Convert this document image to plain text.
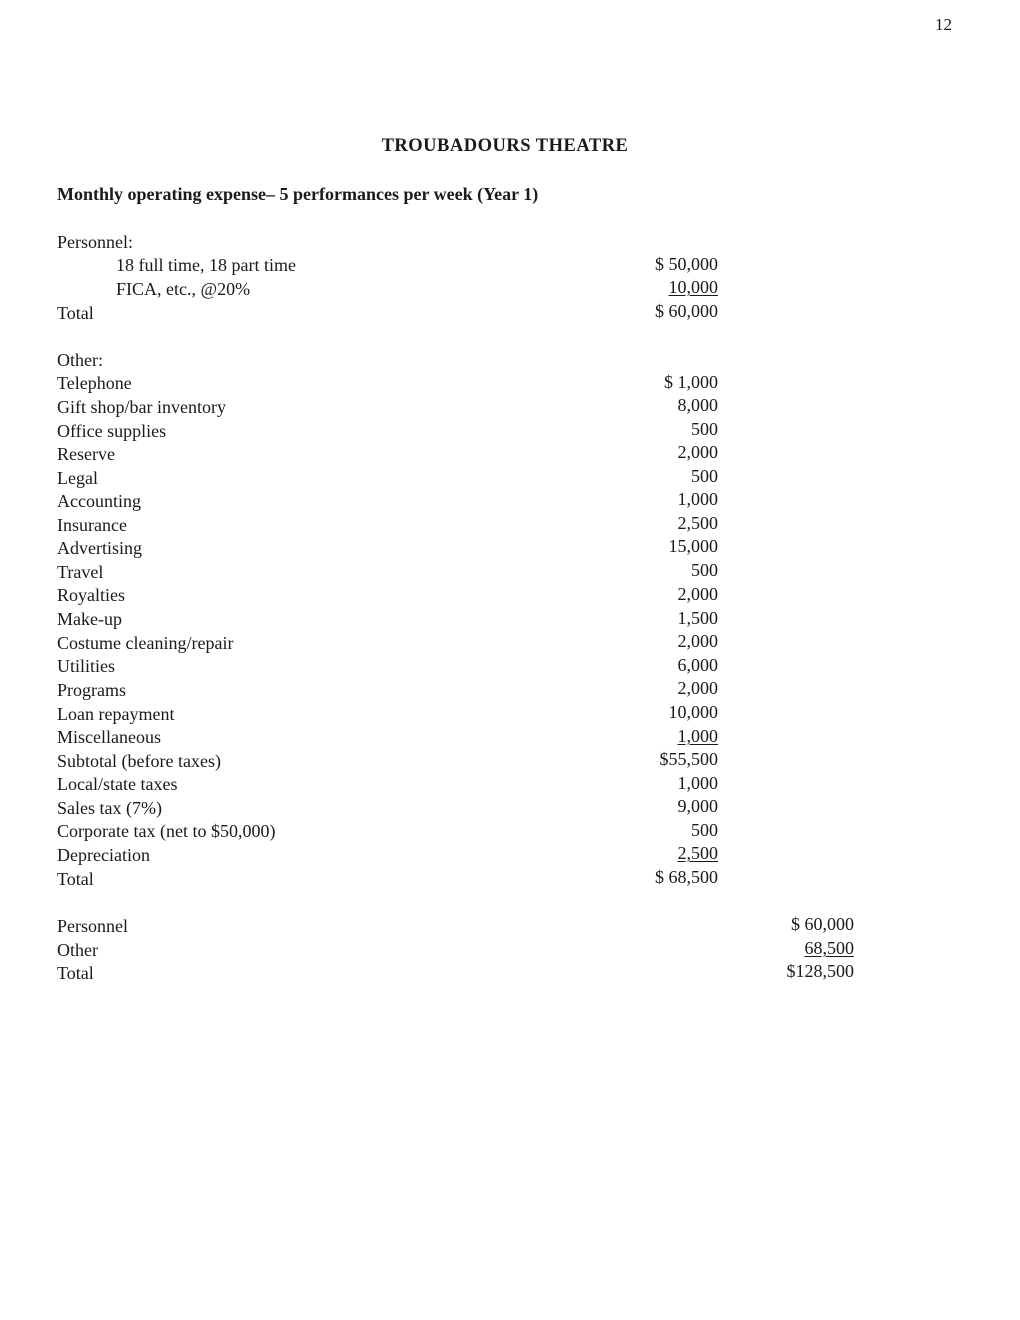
12
TROUBADOURS THEATRE
Monthly operating expense– 5 performances per week (Year 1)
Personnel:
18 full time, 18 part time	$ 50,000
FICA, etc., @20%	10,000
Total	$ 60,000
Other:
Telephone	$ 1,000
Gift shop/bar inventory	8,000
Office supplies	500
Reserve	2,000
Legal	500
Accounting	1,000
Insurance	2,500
Advertising	15,000
Travel	500
Royalties	2,000
Make-up	1,500
Costume cleaning/repair	2,000
Utilities	6,000
Programs	2,000
Loan repayment	10,000
Miscellaneous	1,000
Subtotal (before taxes)	$55,500
Local/state taxes	1,000
Sales tax (7%)	9,000
Corporate tax (net to $50,000)	500
Depreciation	2,500
Total	$ 68,500
Personnel	$ 60,000
Other	68,500
Total	$128,500
